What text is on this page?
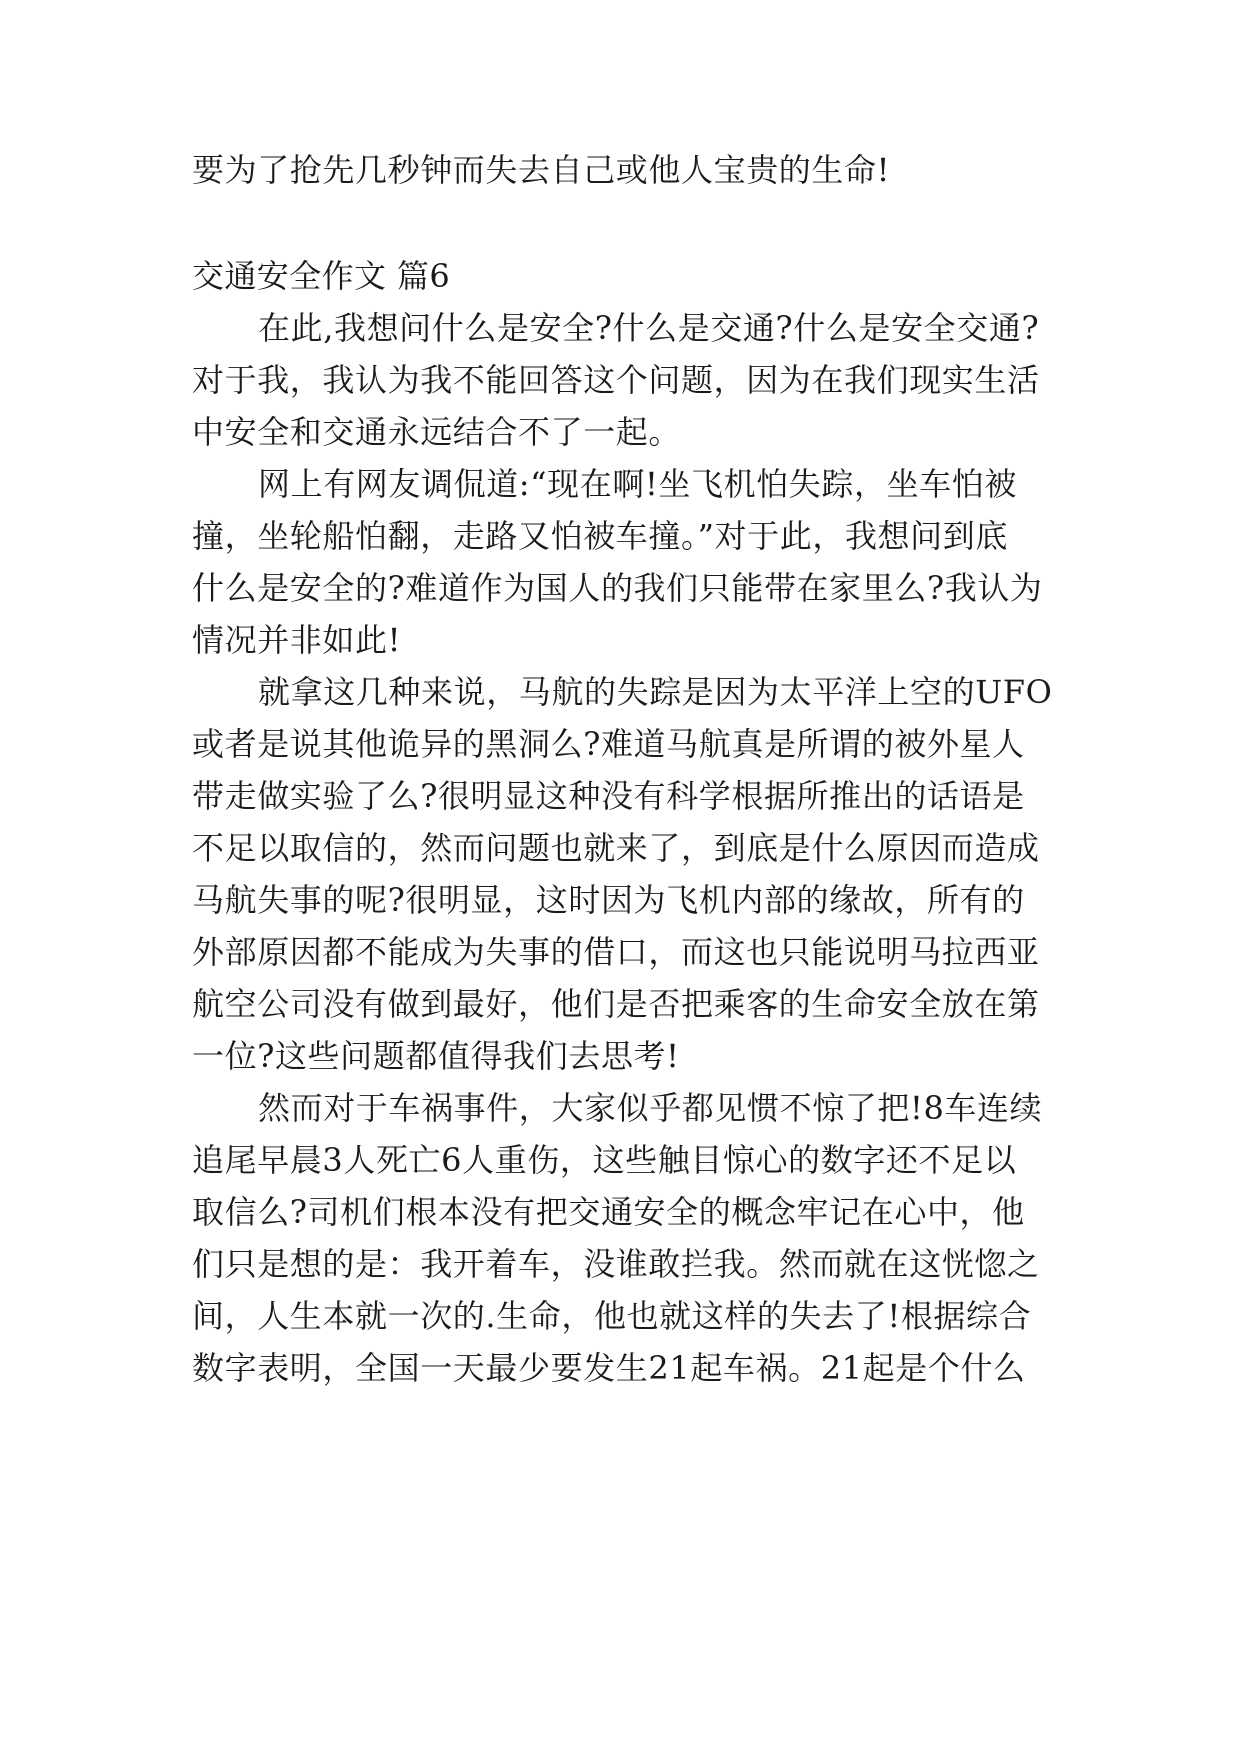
要为了抢先几秒钟而失去自己或他人宝贵的生命!
交通安全作文 篇6
在此,我想问什么是安全?什么是交通?什么是安全交通?
对于我，我认为我不能回答这个问题，因为在我们现实生活
中安全和交通永远结合不了一起。
网上有网友调侃道:“现在啊!坐飞机怕失踪，坐车怕被
撞，坐轮船怕翻，走路又怕被车撞。”对于此，我想问到底
什么是安全的?难道作为国人的我们只能带在家里么?我认为
情况并非如此!
就拿这几种来说，马航的失踪是因为太平洋上空的UFO
或者是说其他诡异的黑洞么?难道马航真是所谓的被外星人
带走做实验了么?很明显这种没有科学根据所推出的话语是
不足以取信的，然而问题也就来了，到底是什么原因而造成
马航失事的呢?很明显，这时因为飞机内部的缘故，所有的
外部原因都不能成为失事的借口，而这也只能说明马拉西亚
航空公司没有做到最好，他们是否把乘客的生命安全放在第
一位?这些问题都值得我们去思考!
然而对于车祸事件，大家似乎都见惯不惊了把!8车连续
追尾早晨3人死亡6人重伤，这些触目惊心的数字还不足以
取信么?司机们根本没有把交通安全的概念牢记在心中，他
们只是想的是：我开着车，没谁敢拦我。然而就在这恍惚之
间，人生本就一次的.生命，他也就这样的失去了!根据综合
数字表明，全国一天最少要发生21起车祸。21起是个什么
